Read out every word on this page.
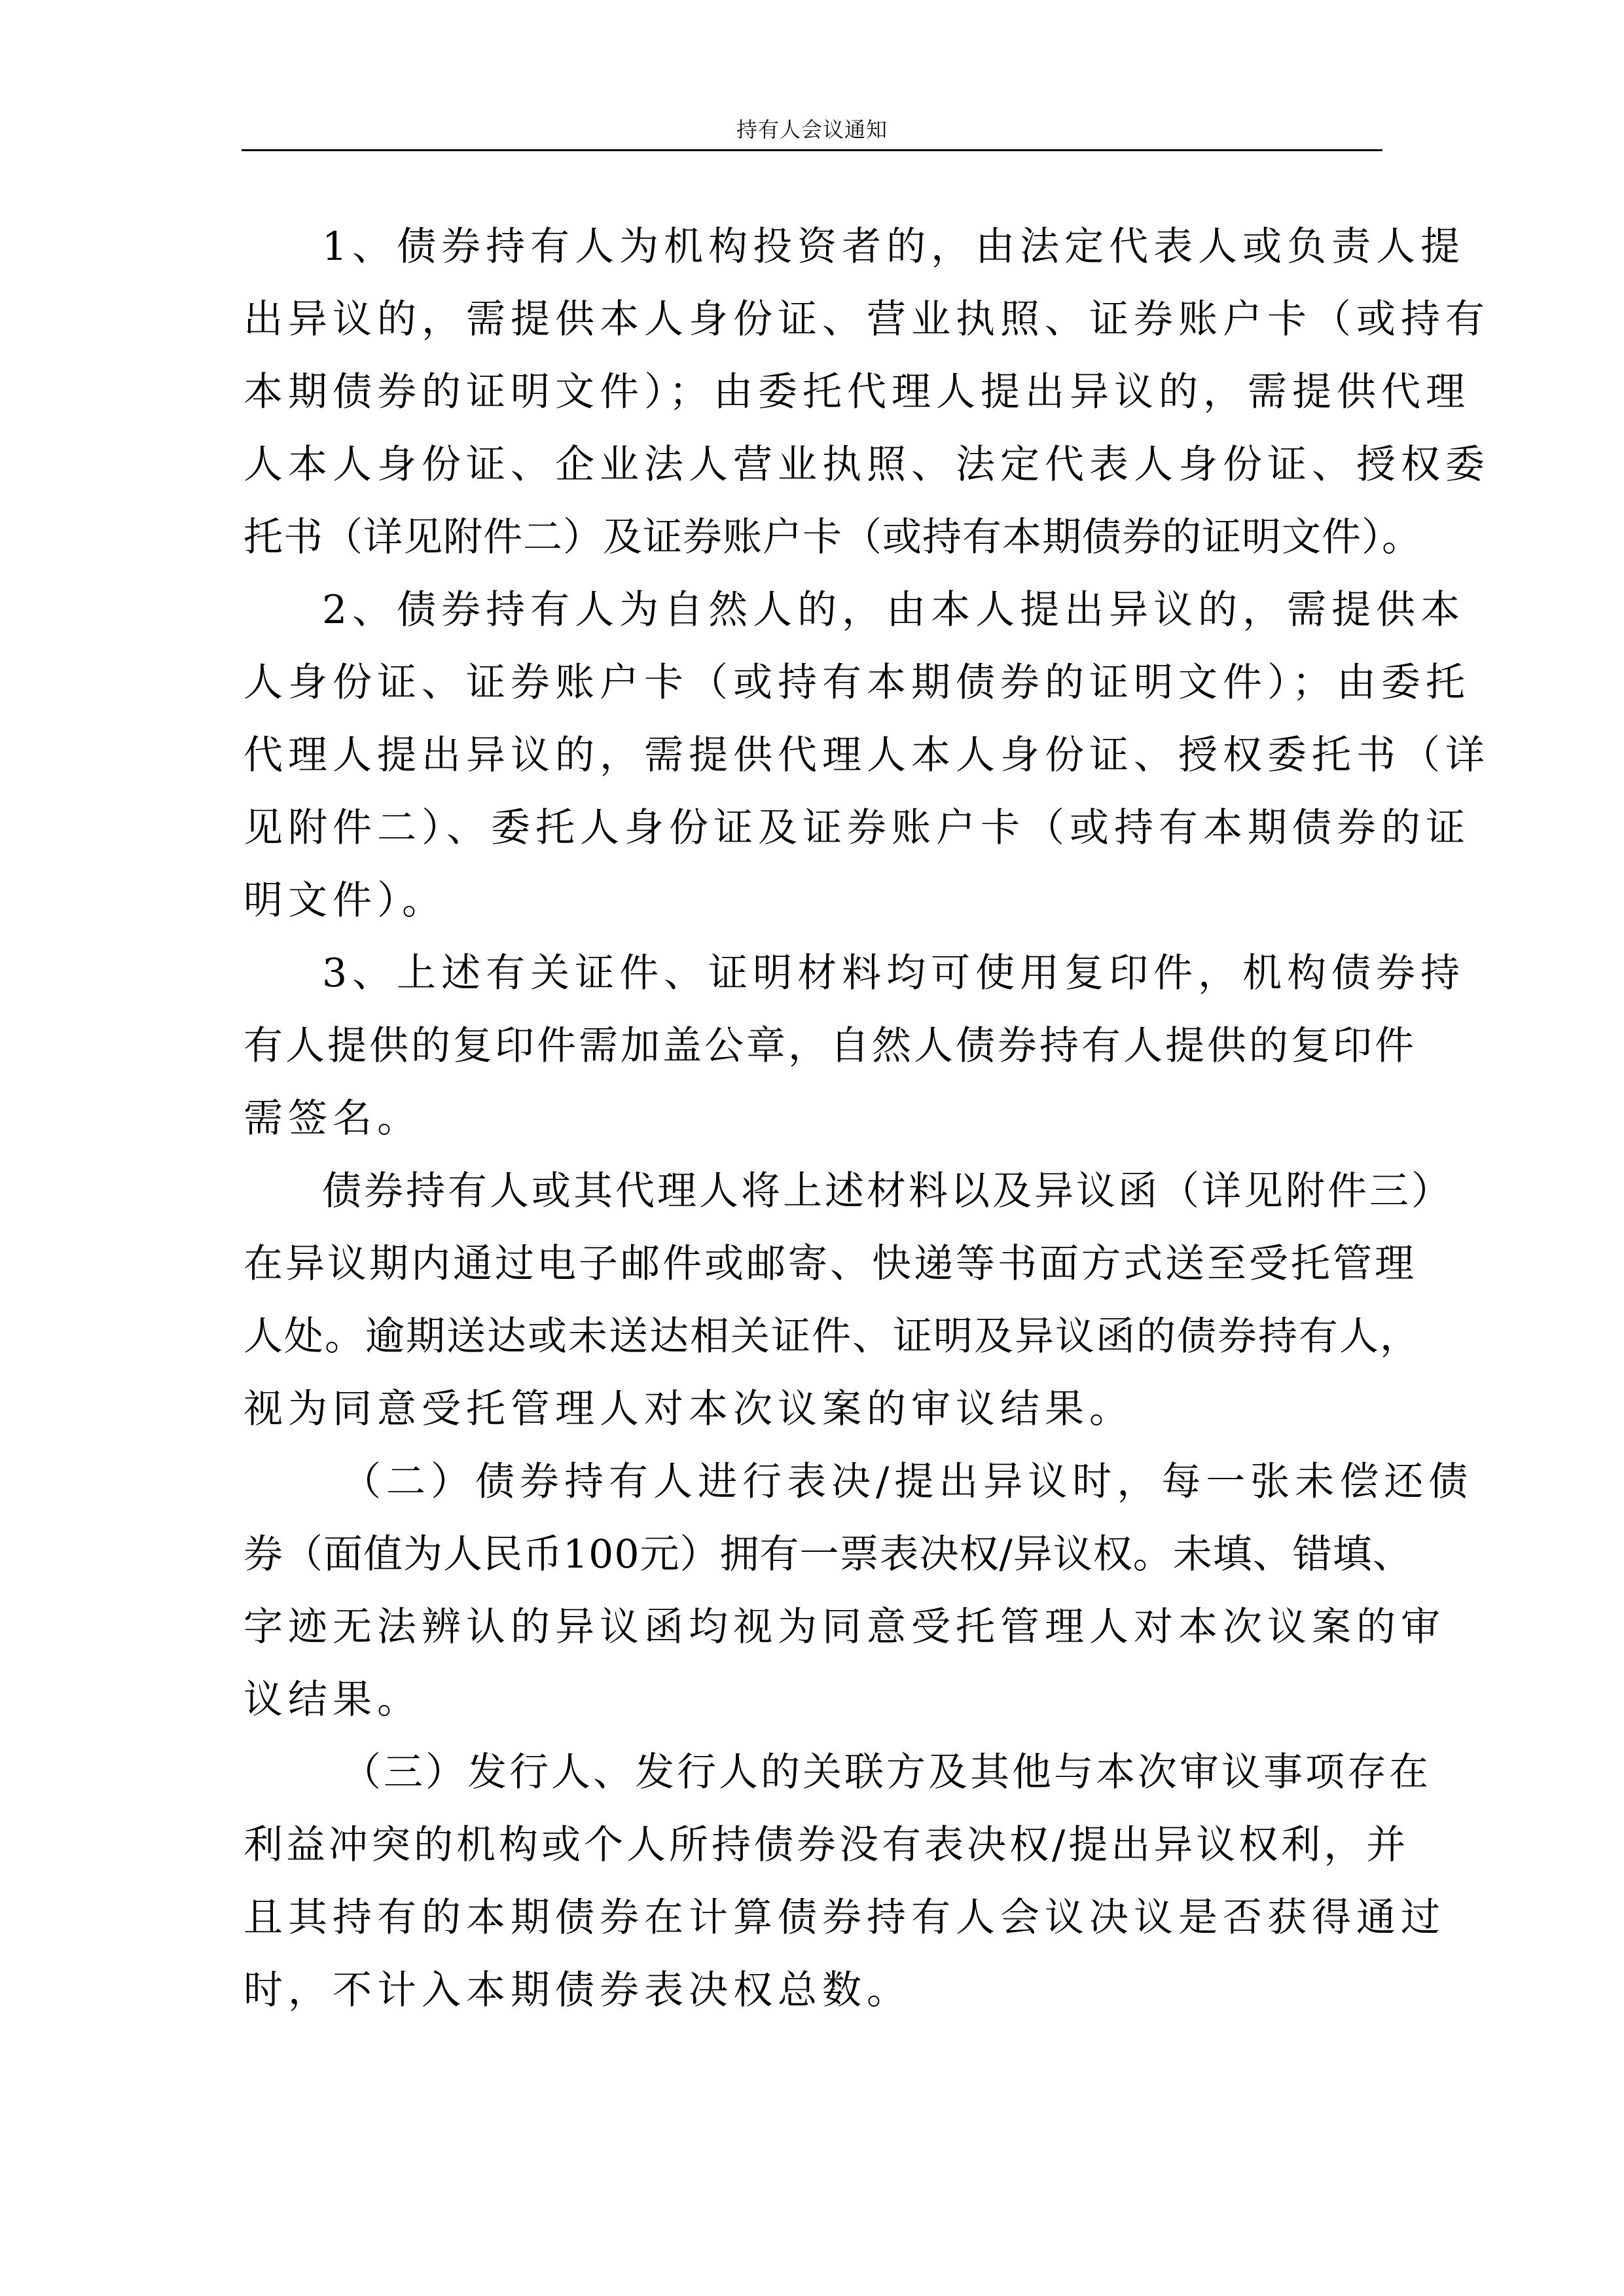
持有人会议通知

1、债券持有人为机构投资者的，由法定代表人或负责人提
出异议的，需提供本人身份证、营业执照、证券账户卡（或持有
本期债券的证明文件）；由委托代理人提出异议的，需提供代理
人本人身份证、企业法人营业执照、法定代表人身份证、授权委
托书（详见附件二）及证券账户卡（或持有本期债券的证明文件）。

2、债券持有人为自然人的，由本人提出异议的，需提供本
人身份证、证券账户卡（或持有本期债券的证明文件）；由委托
代理人提出异议的，需提供代理人本人身份证、授权委托书（详
见附件二）、委托人身份证及证券账户卡（或持有本期债券的证
明文件）。

3、上述有关证件、证明材料均可使用复印件，机构债券持
有人提供的复印件需加盖公章，自然人债券持有人提供的复印件
需签名。

债券持有人或其代理人将上述材料以及异议函（详见附件三）
在异议期内通过电子邮件或邮寄、快递等书面方式送至受托管理
人处。逾期送达或未送达相关证件、证明及异议函的债券持有人，
视为同意受托管理人对本次议案的审议结果。

（二）债券持有人进行表决/提出异议时，每一张未偿还债
券（面值为人民币100元）拥有一票表决权/异议权。未填、错填、
字迹无法辨认的异议函均视为同意受托管理人对本次议案的审
议结果。

（三）发行人、发行人的关联方及其他与本次审议事项存在
利益冲突的机构或个人所持债券没有表决权/提出异议权利，并
且其持有的本期债券在计算债券持有人会议决议是否获得通过
时，不计入本期债券表决权总数。
